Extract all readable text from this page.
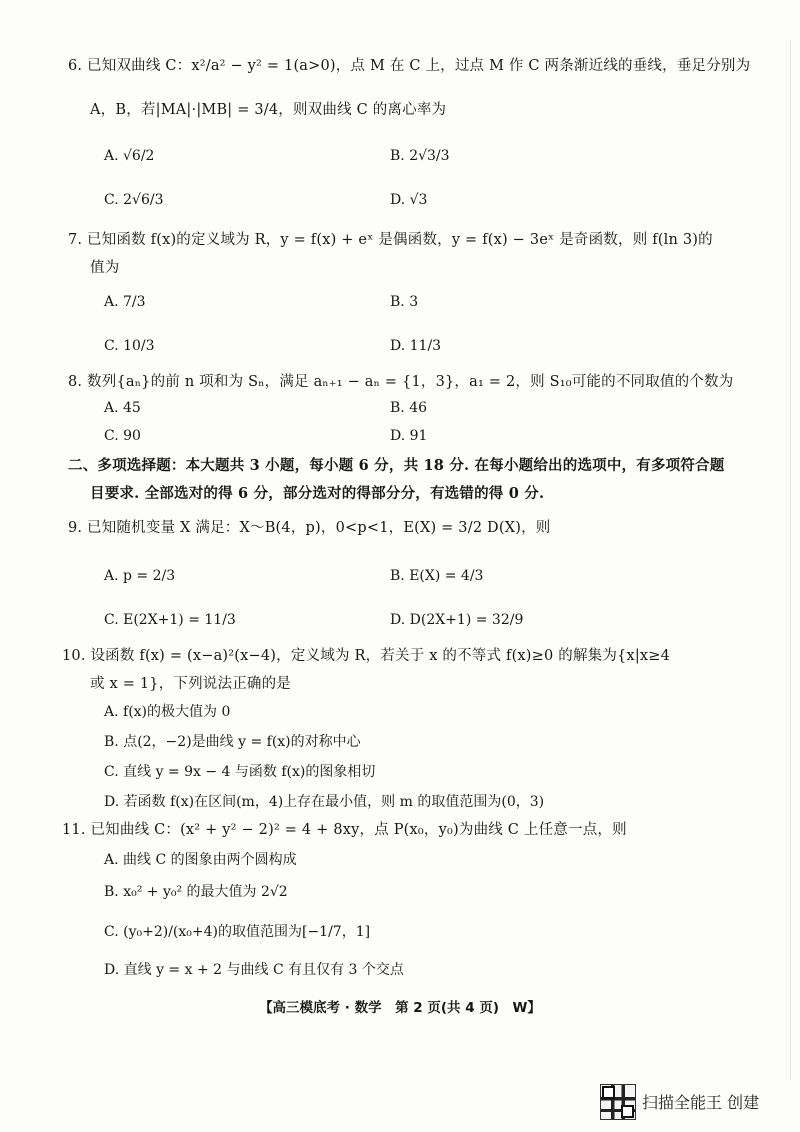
6. 已知双曲线 C：x²/a² − y² = 1(a>0)，点 M 在 C 上，过点 M 作 C 两条渐近线的垂线，垂足分别为
A，B，若|MA|·|MB| = 3/4，则双曲线 C 的离心率为
A. √6/2	B. 2√3/3
C. 2√6/3	D. √3
7. 已知函数 f(x)的定义域为 R，y = f(x) + eˣ 是偶函数，y = f(x) − 3eˣ 是奇函数，则 f(ln 3)的
值为
A. 7/3	B. 3
C. 10/3	D. 11/3
8. 数列{aₙ}的前 n 项和为 Sₙ，满足 aₙ₊₁ − aₙ = {1，3}，a₁ = 2，则 S₁₀可能的不同取值的个数为
A. 45	B. 46
C. 90	D. 91
二、多项选择题：本大题共 3 小题，每小题 6 分，共 18 分. 在每小题给出的选项中，有多项符合题
目要求. 全部选对的得 6 分，部分选对的得部分分，有选错的得 0 分.
9. 已知随机变量 X 满足：X～B(4，p)，0<p<1，E(X) = 3/2 D(X)，则
A. p = 2/3	B. E(X) = 4/3
C. E(2X+1) = 11/3	D. D(2X+1) = 32/9
10. 设函数 f(x) = (x−a)²(x−4)，定义域为 R，若关于 x 的不等式 f(x)≥0 的解集为{x|x≥4
或 x = 1}，下列说法正确的是
A. f(x)的极大值为 0
B. 点(2，−2)是曲线 y = f(x)的对称中心
C. 直线 y = 9x − 4 与函数 f(x)的图象相切
D. 若函数 f(x)在区间(m，4)上存在最小值，则 m 的取值范围为(0，3)
11. 已知曲线 C：(x² + y² − 2)² = 4 + 8xy，点 P(x₀，y₀)为曲线 C 上任意一点，则
A. 曲线 C 的图象由两个圆构成
B. x₀² + y₀² 的最大值为 2√2
C. (y₀+2)/(x₀+4)的取值范围为[−1/7，1]
D. 直线 y = x + 2 与曲线 C 有且仅有 3 个交点
【高三模底考 · 数学　第 2 页(共 4 页)　W】
扫描全能王 创建
